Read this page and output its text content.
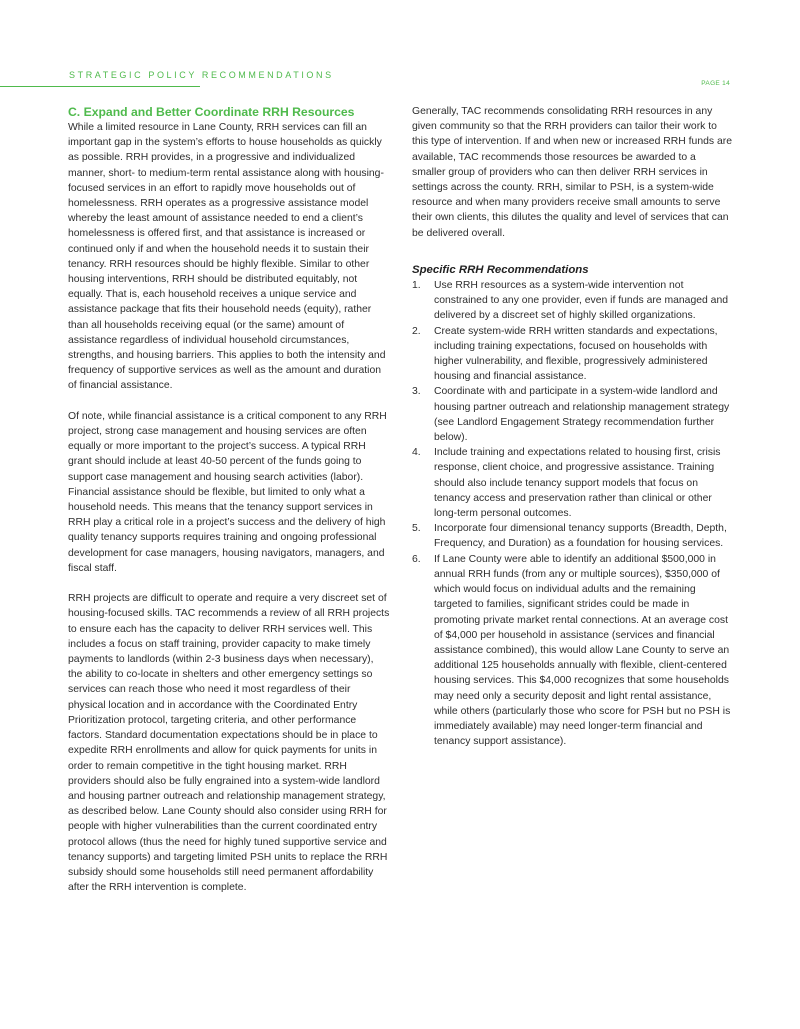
STRATEGIC POLICY RECOMMENDATIONS
PAGE 14
C. Expand and Better Coordinate RRH Resources

While a limited resource in Lane County, RRH services can fill an important gap in the system’s efforts to house households as quickly as possible. RRH provides, in a progressive and individualized manner, short- to medium-term rental assistance along with housing-focused services in an effort to rapidly move households out of homelessness. RRH operates as a progressive assistance model whereby the least amount of assistance needed to end a client’s homelessness is offered first, and that assistance is increased or continued only if and when the household needs it to sustain their tenancy. RRH resources should be highly flexible. Similar to other housing interventions, RRH should be distributed equitably, not equally. That is, each household receives a unique service and assistance package that fits their household needs (equity), rather than all households receiving equal (or the same) amount of assistance regardless of individual household circumstances, strengths, and housing barriers. This applies to both the intensity and frequency of supportive services as well as the amount and duration of financial assistance.

Of note, while financial assistance is a critical component to any RRH project, strong case management and housing services are often equally or more important to the project’s success. A typical RRH grant should include at least 40-50 percent of the funds going to support case management and housing search activities (labor). Financial assistance should be flexible, but limited to only what a household needs. This means that the tenancy support services in RRH play a critical role in a project’s success and the delivery of high quality tenancy supports requires training and ongoing professional development for case managers, housing navigators, managers, and fiscal staff.

RRH projects are difficult to operate and require a very discreet set of housing-focused skills. TAC recommends a review of all RRH projects to ensure each has the capacity to deliver RRH services well. This includes a focus on staff training, provider capacity to make timely payments to landlords (within 2-3 business days when necessary), the ability to co-locate in shelters and other emergency settings so services can reach those who need it most regardless of their physical location and in accordance with the Coordinated Entry Prioritization protocol, targeting criteria, and other performance factors. Standard documentation expectations should be in place to expedite RRH enrollments and allow for quick payments for units in order to remain competitive in the tight housing market. RRH providers should also be fully engrained into a system-wide landlord and housing partner outreach and relationship management strategy, as described below. Lane County should also consider using RRH for people with higher vulnerabilities than the current coordinated entry protocol allows (thus the need for highly tuned supportive service and tenancy supports) and targeting limited PSH units to replace the RRH subsidy should some households still need permanent affordability after the RRH intervention is complete.

Generally, TAC recommends consolidating RRH resources in any given community so that the RRH providers can tailor their work to this type of intervention. If and when new or increased RRH funds are available, TAC recommends those resources be awarded to a smaller group of providers who can then deliver RRH services in settings across the county. RRH, similar to PSH, is a system-wide resource and when many providers receive small amounts to serve their own clients, this dilutes the quality and level of services that can be delivered overall.

Specific RRH Recommendations
1. Use RRH resources as a system-wide intervention not constrained to any one provider, even if funds are managed and delivered by a discreet set of highly skilled organizations.
2. Create system-wide RRH written standards and expectations, including training expectations, focused on households with higher vulnerability, and flexible, progressively administered housing and financial assistance.
3. Coordinate with and participate in a system-wide landlord and housing partner outreach and relationship management strategy (see Landlord Engagement Strategy recommendation further below).
4. Include training and expectations related to housing first, crisis response, client choice, and progressive assistance. Training should also include tenancy support models that focus on tenancy access and preservation rather than clinical or other long-term personal outcomes.
5. Incorporate four dimensional tenancy supports (Breadth, Depth, Frequency, and Duration) as a foundation for housing services.
6. If Lane County were able to identify an additional $500,000 in annual RRH funds (from any or multiple sources), $350,000 of which would focus on individual adults and the remaining targeted to families, significant strides could be made in promoting private market rental connections. At an average cost of $4,000 per household in assistance (services and financial assistance combined), this would allow Lane County to serve an additional 125 households annually with flexible, client-centered housing services. This $4,000 recognizes that some households may need only a security deposit and light rental assistance, while others (particularly those who score for PSH but no PSH is immediately available) may need longer-term financial and tenancy support assistance).
